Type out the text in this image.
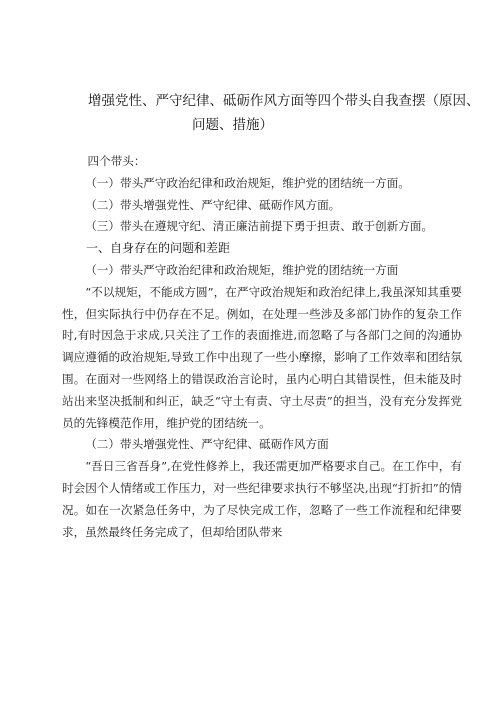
增强党性、严守纪律、砥砺作风方面等四个带头自我查摆（原因、
问题、措施）

四个带头：

（一）带头严守政治纪律和政治规矩，维护党的团结统一方面。

（二）带头增强党性、严守纪律、砥砺作风方面。

（三）带头在遵规守纪、清正廉洁前提下勇于担责、敢于创新方面。

一、自身存在的问题和差距

（一）带头严守政治纪律和政治规矩，维护党的团结统一方面

“不以规矩，不能成方圆”，在严守政治规矩和政治纪律上,我虽深知其重要性，但实际执行中仍存在不足。例如，在处理一些涉及多部门协作的复杂工作时,有时因急于求成,只关注了工作的表面推进,而忽略了与各部门之间的沟通协调应遵循的政治规矩,导致工作中出现了一些小摩擦，影响了工作效率和团结氛围。在面对一些网络上的错误政治言论时，虽内心明白其错误性，但未能及时站出来坚决抵制和纠正，缺乏“守土有责、守土尽责”的担当，没有充分发挥党员的先锋模范作用，维护党的团结统一。

（二）带头增强党性、严守纪律、砥砺作风方面

“吾日三省吾身”,在党性修养上，我还需更加严格要求自己。在工作中，有时会因个人情绪或工作压力，对一些纪律要求执行不够坚决,出现“打折扣”的情况。如在一次紧急任务中，为了尽快完成工作，忽略了一些工作流程和纪律要求，虽然最终任务完成了，但却给团队带来
